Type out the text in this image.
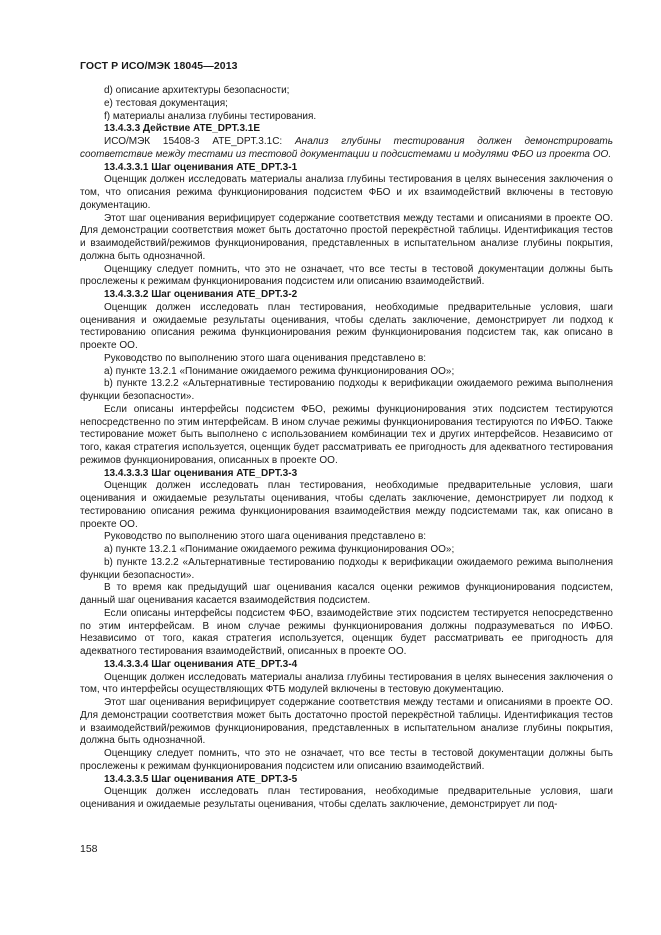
ГОСТ Р ИСО/МЭК 18045—2013

d) описание архитектуры безопасности;

e) тестовая документация;

f) материалы анализа глубины тестирования.

13.4.3.3 Действие ATE_DPT.3.1E

ИСО/МЭК 15408-3 ATE_DPT.3.1С: Анализ глубины тестирования должен демонстрировать соответствие между тестами из тестовой документации и подсистемами и модулями ФБО из проекта ОО.

13.4.3.3.1 Шаг оценивания ATE_DPT.3-1

Оценщик должен исследовать материалы анализа глубины тестирования в целях вынесения заключения о том, что описания режима функционирования подсистем ФБО и их взаимодействий включены в тестовую документацию.

Этот шаг оценивания верифицирует содержание соответствия между тестами и описаниями в проекте ОО. Для демонстрации соответствия может быть достаточно простой перекрёстной таблицы. Идентификация тестов и взаимодействий/режимов функционирования, представленных в испытательном анализе глубины покрытия, должна быть однозначной.

Оценщику следует помнить, что это не означает, что все тесты в тестовой документации должны быть прослежены к режимам функционирования подсистем или описанию взаимодействий.

13.4.3.3.2 Шаг оценивания ATE_DPT.3-2

Оценщик должен исследовать план тестирования, необходимые предварительные условия, шаги оценивания и ожидаемые результаты оценивания, чтобы сделать заключение, демонстрирует ли подход к тестированию описания режима функционирования режим функционирования подсистем так, как описано в проекте ОО.

Руководство по выполнению этого шага оценивания представлено в:

a) пункте 13.2.1 «Понимание ожидаемого режима функционирования ОО»;

b) пункте 13.2.2 «Альтернативные тестированию подходы к верификации ожидаемого режима выполнения функции безопасности».

Если описаны интерфейсы подсистем ФБО, режимы функционирования этих подсистем тестируются непосредственно по этим интерфейсам. В ином случае режимы функционирования тестируются по ИФБО. Также тестирование может быть выполнено с использованием комбинации тех и других интерфейсов. Независимо от того, какая стратегия используется, оценщик будет рассматривать ее пригодность для адекватного тестирования режимов функционирования, описанных в проекте ОО.

13.4.3.3.3 Шаг оценивания ATE_DPT.3-3

Оценщик должен исследовать план тестирования, необходимые предварительные условия, шаги оценивания и ожидаемые результаты оценивания, чтобы сделать заключение, демонстрирует ли подход к тестированию описания режима функционирования взаимодействия между подсистемами так, как описано в проекте ОО.

Руководство по выполнению этого шага оценивания представлено в:

a) пункте 13.2.1 «Понимание ожидаемого режима функционирования ОО»;

b) пункте 13.2.2 «Альтернативные тестированию подходы к верификации ожидаемого режима выполнения функции безопасности».

В то время как предыдущий шаг оценивания касался оценки режимов функционирования подсистем, данный шаг оценивания касается взаимодействия подсистем.

Если описаны интерфейсы подсистем ФБО, взаимодействие этих подсистем тестируется непосредственно по этим интерфейсам. В ином случае режимы функционирования должны подразумеваться по ИФБО. Независимо от того, какая стратегия используется, оценщик будет рассматривать ее пригодность для адекватного тестирования взаимодействий, описанных в проекте ОО.

13.4.3.3.4 Шаг оценивания ATE_DPT.3-4

Оценщик должен исследовать материалы анализа глубины тестирования в целях вынесения заключения о том, что интерфейсы осуществляющих ФТБ модулей включены в тестовую документацию.

Этот шаг оценивания верифицирует содержание соответствия между тестами и описаниями в проекте ОО. Для демонстрации соответствия может быть достаточно простой перекрёстной таблицы. Идентификация тестов и взаимодействий/режимов функционирования, представленных в испытательном анализе глубины покрытия, должна быть однозначной.

Оценщику следует помнить, что это не означает, что все тесты в тестовой документации должны быть прослежены к режимам функционирования подсистем или описанию взаимодействий.

13.4.3.3.5 Шаг оценивания ATE_DPT.3-5

Оценщик должен исследовать план тестирования, необходимые предварительные условия, шаги оценивания и ожидаемые результаты оценивания, чтобы сделать заключение, демонстрирует ли под-

158
